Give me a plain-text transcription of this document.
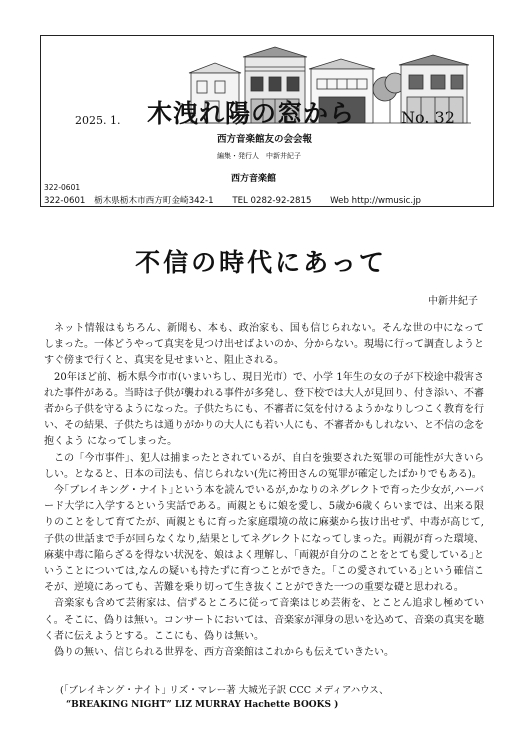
2025. 1. 木洩れ陽の窓から	No. 32
西方音楽館友の会会報
編集・発行人　中新井紀子
西方音楽館
322-0601
322-0601 栃木県栃木市西方町金崎342-1 TEL 0282-92-2815 Web http://wmusic.jp
不信の時代にあって
中新井紀子

ネット情報はもちろん、新聞も、本も、政治家も、国も信じられない。そんな世の中になってしまった。一体どうやって真実を見つけ出せばよいのか、分からない。現場に行って調査しようとすぐ傍まで行くと、真実を見せまいと、阻止される。

20年ほど前、栃木県今市市(いまいちし、現日光市）で、小学 1年生の女の子が下校途中殺害された事件がある。当時は子供が襲われる事件が多発し、登下校では大人が見回り、付き添い、不審者から子供を守るようになった。子供たちにも、不審者に気を付けるようかなりしつこく教育を行い、その結果、子供たちは通りがかりの大人にも若い人にも、不審者かもしれない、と不信の念を抱くよう になってしまった。

この「今市事件」、犯人は捕まったとされているが、自白を強要された冤罪の可能性が大きいらしい。となると、日本の司法も、信じられない(先に袴田さんの冤罪が確定したばかりでもある)。

今｢ブレイキング・ナイト｣という本を読んでいるが,かなりのネグレクトで育った少女が,ハーバード大学に入学するという実話である。両親ともに娘を愛し、5歳か6歳くらいまでは、出来る限りのことをして育てたが、両親ともに育った家庭環境の故に麻薬から抜け出せず、中毒が高じて,子供の世話まで手が回らなくなり,結果としてネグレクトになってしまった。両親が育った環境、麻薬中毒に陥らざるを得ない状況を、娘はよく理解し、｢両親が自分のことをとても愛している｣ということについては,なんの疑いも持たずに育つことができた。｢この愛されている｣という確信こそが、逆境にあっても、苦難を乗り切って生き抜くことができた一つの重要な礎と思われる。

音楽家も含めて芸術家は、信ずるところに従って音楽はじめ芸術を、とことん追求し極めていく。そこに、偽りは無い。コンサートにおいては、音楽家が渾身の思いを込めて、音楽の真実を聴く者に伝えようとする。ここにも、偽りは無い。

偽りの無い、信じられる世界を、西方音楽館はこれからも伝えていきたい。

(｢ブレイキング・ナイト｣ リズ・マレー著 大城光子訳 CCC メディアハウス、
“BREAKING NIGHT” LIZ MURRAY Hachette BOOKS )
